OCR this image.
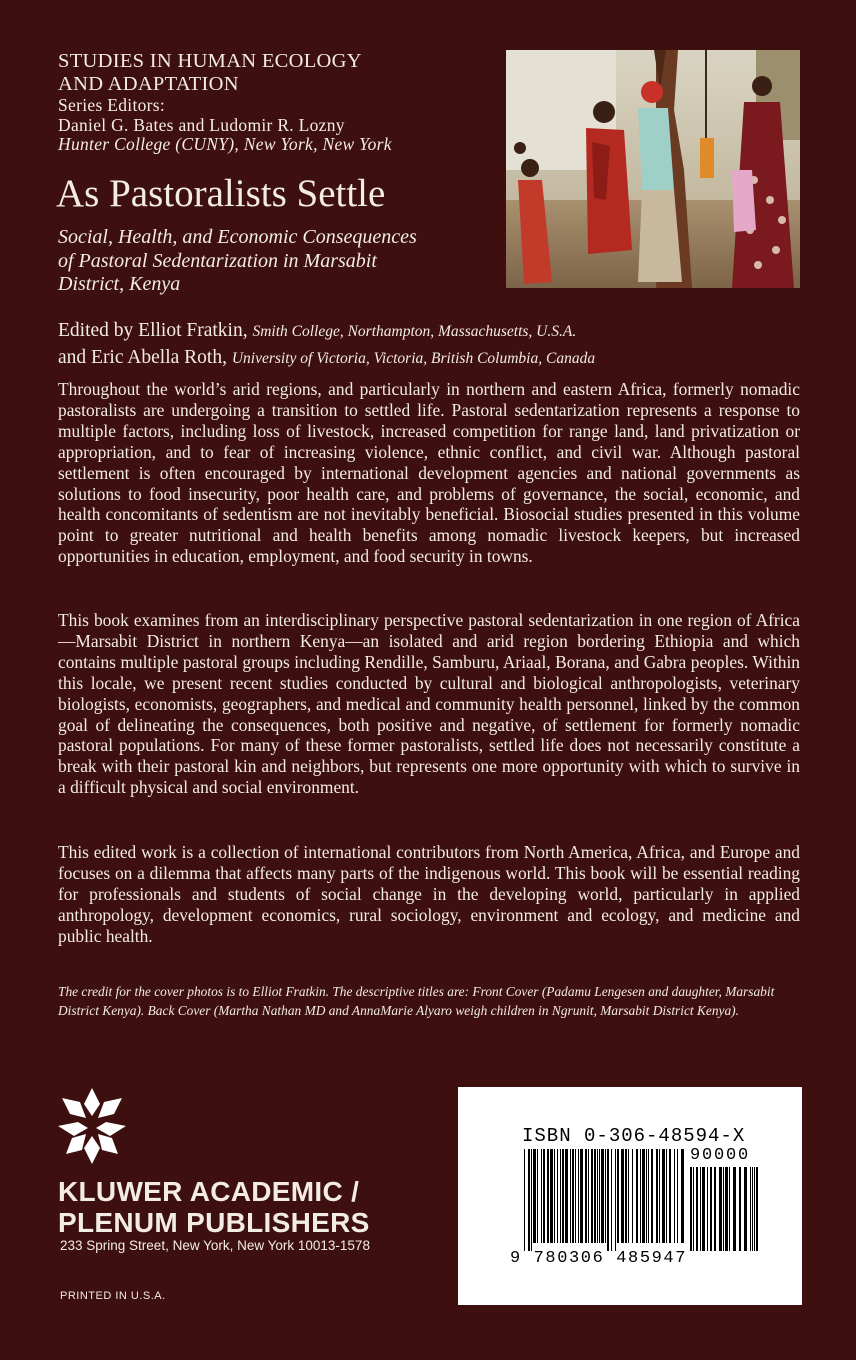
STUDIES IN HUMAN ECOLOGY
AND ADAPTATION
Series Editors:
Daniel G. Bates and Ludomir R. Lozny
Hunter College (CUNY), New York, New York
As Pastoralists Settle
Social, Health, and Economic Consequences
of Pastoral Sedentarization in Marsabit
District, Kenya
Edited by Elliot Fratkin, Smith College, Northampton, Massachusetts, U.S.A.
and Eric Abella Roth, University of Victoria, Victoria, British Columbia, Canada

Throughout the world’s arid regions, and particularly in northern and eastern Africa, formerly nomadic pastoralists are undergoing a transition to settled life. Pastoral sedentarization represents a response to multiple factors, including loss of livestock, increased competition for range land, land privatization or appropriation, and to fear of increasing violence, ethnic conflict, and civil war. Although pastoral settlement is often encouraged by international development agencies and national governments as solutions to food insecurity, poor health care, and problems of governance, the social, economic, and health concomitants of sedentism are not inevitably beneficial. Biosocial studies presented in this volume point to greater nutritional and health benefits among nomadic livestock keepers, but increased opportunities in education, employment, and food security in towns.

This book examines from an interdisciplinary perspective pastoral sedentarization in one region of Africa—Marsabit District in northern Kenya—an isolated and arid region bordering Ethiopia and which contains multiple pastoral groups including Rendille, Samburu, Ariaal, Borana, and Gabra peoples. Within this locale, we present recent studies conducted by cultural and biological anthropologists, veterinary biologists, economists, geographers, and medical and community health personnel, linked by the common goal of delineating the consequences, both positive and negative, of settlement for formerly nomadic pastoral populations. For many of these former pastoralists, settled life does not necessarily constitute a break with their pastoral kin and neighbors, but represents one more opportunity with which to survive in a difficult physical and social environment.

This edited work is a collection of international contributors from North America, Africa, and Europe and focuses on a dilemma that affects many parts of the indigenous world. This book will be essential reading for professionals and students of social change in the developing world, particularly in applied anthropology, development economics, rural sociology, environment and ecology, and medicine and public health.

The credit for the cover photos is to Elliot Fratkin. The descriptive titles are: Front Cover (Padamu Lengesen and daughter, Marsabit District Kenya). Back Cover (Martha Nathan MD and AnnaMarie Alyaro weigh children in Ngrunit, Marsabit District Kenya).

KLUWER ACADEMIC /
PLENUM PUBLISHERS
233 Spring Street, New York, New York 10013-1578
PRINTED IN U.S.A.
ISBN 0-306-48594-X
90000
9 780306 485947
